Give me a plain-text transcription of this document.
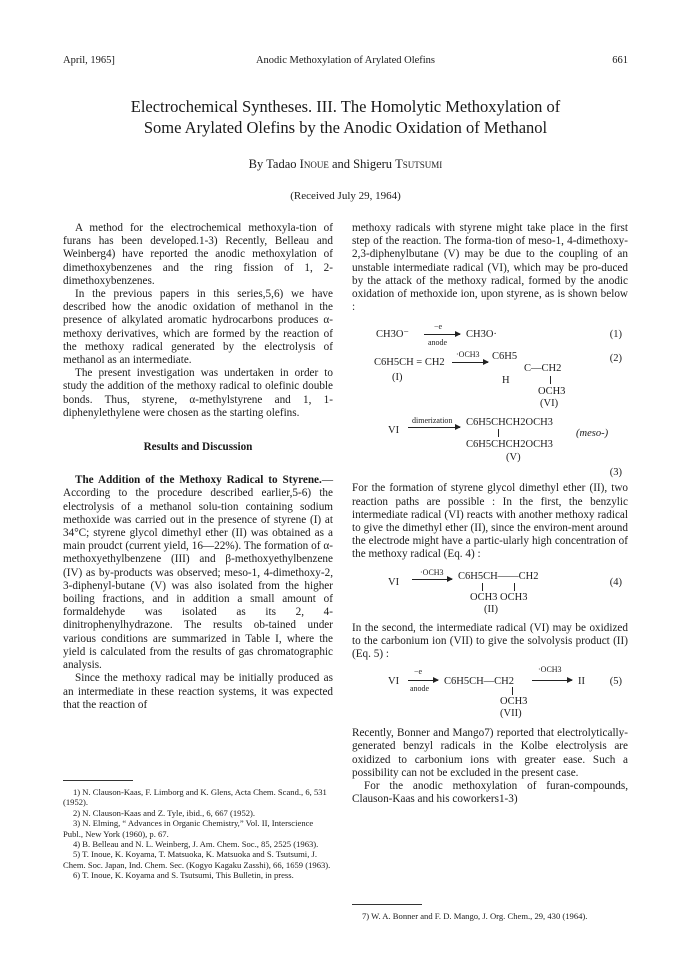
April, 1965]	Anodic Methoxylation of Arylated Olefins	661
Electrochemical Syntheses. III. The Homolytic Methoxylation of
Some Arylated Olefins by the Anodic Oxidation of Methanol
By Tadao Inoue and Shigeru Tsutsumi
(Received July 29, 1964)

A method for the electrochemical methoxyla-tion of furans has been developed.1-3) Recently, Belleau and Weinberg4) have reported the anodic methoxylation of dimethoxybenzenes and the ring fission of 1, 2-dimethoxybenzenes.

In the previous papers in this series,5,6) we have described how the anodic oxidation of methanol in the presence of alkylated aromatic hydrocarbons produces α-methoxy derivatives, which are formed by the reaction of the methoxy radical generated by the electrolysis of methanol as an intermediate.

The present investigation was undertaken in order to study the addition of the methoxy radical to olefinic double bonds. Thus, styrene, α-methylstyrene and 1, 1-diphenylethylene were chosen as the starting olefins.

Results and Discussion

The Addition of the Methoxy Radical to Styrene.—According to the procedure described earlier,5-6) the electrolysis of a methanol solu-tion containing sodium methoxide was carried out in the presence of styrene (I) at 34°C; styrene glycol dimethyl ether (II) was obtained as a main proudct (current yield, 16—22%). The formation of α-methoxyethylbenzene (III) and β-methoxyethylbenzene (IV) as by-products was observed; meso-1, 4-dimethoxy-2, 3-diphenyl-butane (V) was also isolated from the higher boiling fractions, and in addition a small amount of formaldehyde was isolated as its 2, 4-dinitrophenylhydrazone. The results ob-tained under various conditions are summarized in Table I, where the yield is calculated from the results of gas chromatographic analysis.

Since the methoxy radical may be initially produced as an intermediate in these reaction systems, it was expected that the reaction of

1) N. Clauson-Kaas, F. Limborg and K. Glens, Acta Chem. Scand., 6, 531 (1952).

2) N. Clauson-Kaas and Z. Tyle, ibid., 6, 667 (1952).

3) N. Elming, “ Advances in Organic Chemistry,” Vol. II, Interscience Publ., New York (1960), p. 67.

4) B. Belleau and N. L. Weinberg, J. Am. Chem. Soc., 85, 2525 (1963).

5) T. Inoue, K. Koyama, T. Matsuoka, K. Matsuoka and S. Tsutsumi, J. Chem. Soc. Japan, Ind. Chem. Sec. (Kogyo Kagaku Zasshi), 66, 1659 (1963).

6) T. Inoue, K. Koyama and S. Tsutsumi, This Bulletin, in press.

methoxy radicals with styrene might take place in the first step of the reaction. The forma-tion of meso-1, 4-dimethoxy-2,3-diphenylbutane (V) may be due to the coupling of an unstable intermediate radical (VI), which may be pro-duced by the attack of the methoxy radical, formed by the anodic oxidation of methoxide ion, upon styrene, as is shown below :

CH3O⁻
−e
anode
CH3O·	(1)
C6H5CH = CH2
·OCH3 C6H5
C—CH2
H
(I)
OCH3
(VI)
(2)
VI
dimerization C6H5CHCH2OCH3
C6H5CHCH2OCH3
(meso-)
(V)
(3)

For the formation of styrene glycol dimethyl ether (II), two reaction paths are possible : In the first, the benzylic intermediate radical (VI) reacts with another methoxy radical to give the dimethyl ether (II), since the environ-ment around the electrode might have a partic-ularly high concentration of the methoxy radical (Eq. 4) :

VI
·OCH3 C6H5CH——CH2
OCH3 OCH3
(II)
(4)

In the second, the intermediate radical (VI) may be oxidized to the carbonium ion (VII) to give the solvolysis product (II) (Eq. 5) :

VI
−e
anode
C6H5CH—CH2
·OCH3
II
OCH3
(VII)
(5)

Recently, Bonner and Mango7) reported that electrolytically-generated benzyl radicals in the Kolbe electrolysis are oxidized to carbonium ions with greater ease. Such a possibility can not be excluded in the present case.

For the anodic methoxylation of furan-compounds, Clauson-Kaas and his coworkers1-3)

7) W. A. Bonner and F. D. Mango, J. Org. Chem., 29, 430 (1964).
